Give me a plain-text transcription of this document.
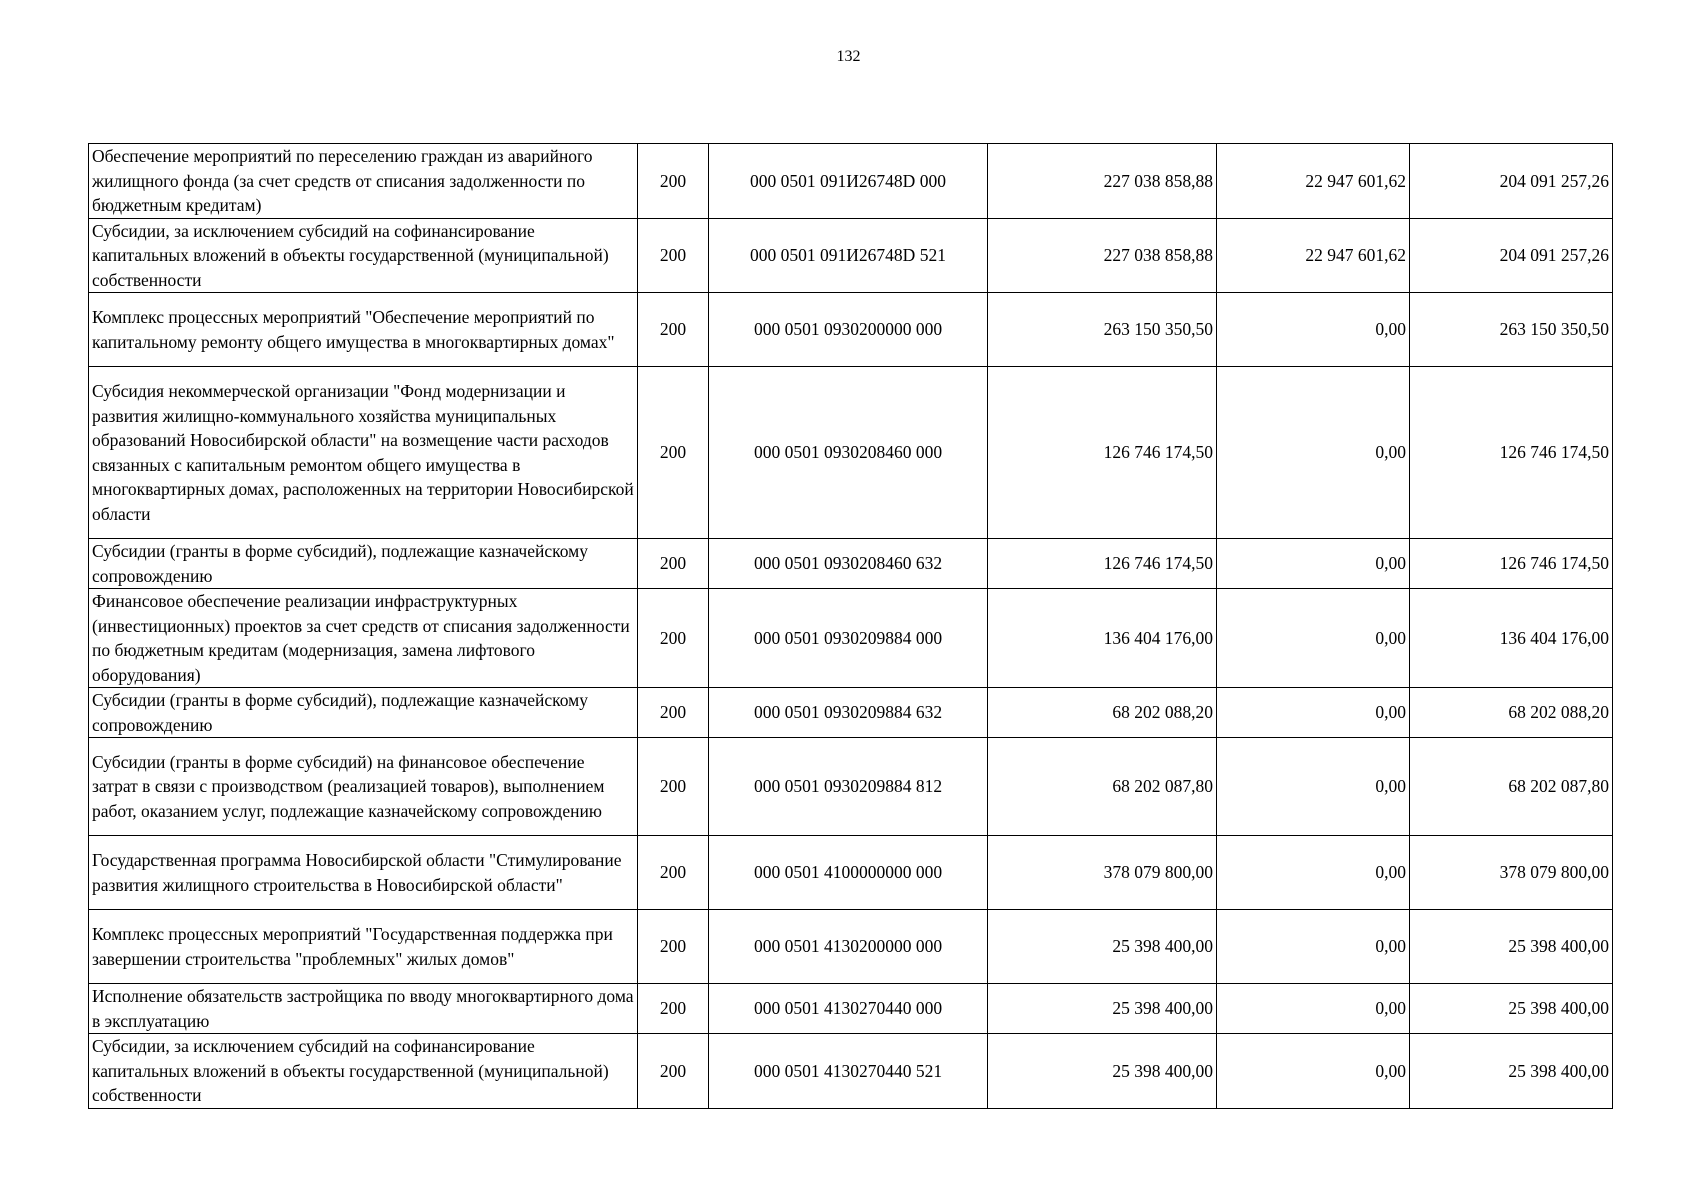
132
Обеспечение мероприятий по переселению граждан из аварийного жилищного фонда (за счет средств от списания задолженности по бюджетным кредитам)	200	000 0501 091И26748D 000	227 038 858,88	22 947 601,62	204 091 257,26
Субсидии, за исключением субсидий на софинансирование капитальных вложений в объекты государственной (муниципальной) собственности	200	000 0501 091И26748D 521	227 038 858,88	22 947 601,62	204 091 257,26
Комплекс процессных мероприятий "Обеспечение мероприятий по капитальному ремонту общего имущества в многоквартирных домах"	200	000 0501 0930200000 000	263 150 350,50	0,00	263 150 350,50
Субсидия некоммерческой организации "Фонд модернизации и развития жилищно-коммунального хозяйства муниципальных образований Новосибирской области" на возмещение части расходов связанных с капитальным ремонтом общего имущества в многоквартирных домах, расположенных на территории Новосибирской области	200	000 0501 0930208460 000	126 746 174,50	0,00	126 746 174,50
Субсидии (гранты в форме субсидий), подлежащие казначейскому сопровождению	200	000 0501 0930208460 632	126 746 174,50	0,00	126 746 174,50
Финансовое обеспечение реализации инфраструктурных (инвестиционных) проектов за счет средств от списания задолженности по бюджетным кредитам (модернизация, замена лифтового оборудования)	200	000 0501 0930209884 000	136 404 176,00	0,00	136 404 176,00
Субсидии (гранты в форме субсидий), подлежащие казначейскому сопровождению	200	000 0501 0930209884 632	68 202 088,20	0,00	68 202 088,20
Субсидии (гранты в форме субсидий) на финансовое обеспечение затрат в связи с производством (реализацией товаров), выполнением работ, оказанием услуг, подлежащие казначейскому сопровождению	200	000 0501 0930209884 812	68 202 087,80	0,00	68 202 087,80
Государственная программа Новосибирской области "Стимулирование развития жилищного строительства в Новосибирской области"	200	000 0501 4100000000 000	378 079 800,00	0,00	378 079 800,00
Комплекс процессных мероприятий "Государственная поддержка при завершении строительства "проблемных" жилых домов"	200	000 0501 4130200000 000	25 398 400,00	0,00	25 398 400,00
Исполнение обязательств застройщика по вводу многоквартирного дома в эксплуатацию	200	000 0501 4130270440 000	25 398 400,00	0,00	25 398 400,00
Субсидии, за исключением субсидий на софинансирование капитальных вложений в объекты государственной (муниципальной) собственности	200	000 0501 4130270440 521	25 398 400,00	0,00	25 398 400,00
